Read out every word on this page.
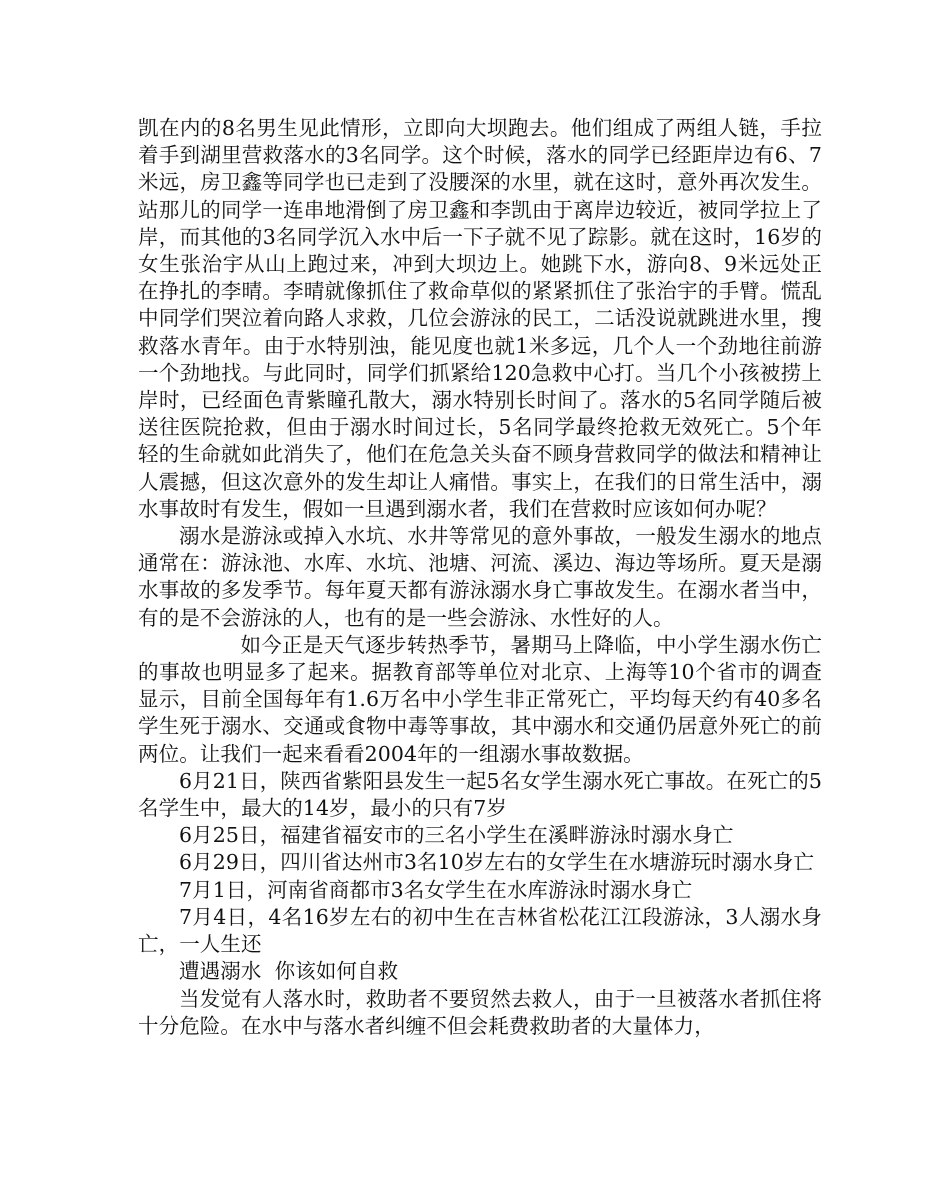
凯在内的8名男生见此情形，立即向大坝跑去。他们组成了两组人链，手拉着手到湖里营救落水的3名同学。这个时候，落水的同学已经距岸边有6、7米远，房卫鑫等同学也已走到了没腰深的水里，就在这时，意外再次发生。站那儿的同学一连串地滑倒了房卫鑫和李凯由于离岸边较近，被同学拉上了岸，而其他的3名同学沉入水中后一下子就不见了踪影。就在这时，16岁的女生张治宇从山上跑过来，冲到大坝边上。她跳下水，游向8、9米远处正在挣扎的李晴。李晴就像抓住了救命草似的紧紧抓住了张治宇的手臂。慌乱中同学们哭泣着向路人求救，几位会游泳的民工，二话没说就跳进水里，搜救落水青年。由于水特别浊，能见度也就1米多远，几个人一个劲地往前游一个劲地找。与此同时，同学们抓紧给120急救中心打。当几个小孩被捞上岸时，已经面色青紫瞳孔散大，溺水特别长时间了。落水的5名同学随后被送往医院抢救，但由于溺水时间过长，5名同学最终抢救无效死亡。5个年轻的生命就如此消失了，他们在危急关头奋不顾身营救同学的做法和精神让人震撼，但这次意外的发生却让人痛惜。事实上，在我们的日常生活中，溺水事故时有发生，假如一旦遇到溺水者，我们在营救时应该如何办呢？

溺水是游泳或掉入水坑、水井等常见的意外事故，一般发生溺水的地点通常在：游泳池、水库、水坑、池塘、河流、溪边、海边等场所。夏天是溺水事故的多发季节。每年夏天都有游泳溺水身亡事故发生。在溺水者当中，有的是不会游泳的人，也有的是一些会游泳、水性好的人。

如今正是天气逐步转热季节，暑期马上降临，中小学生溺水伤亡的事故也明显多了起来。据教育部等单位对北京、上海等10个省市的调查显示，目前全国每年有1.6万名中小学生非正常死亡，平均每天约有40多名学生死于溺水、交通或食物中毒等事故，其中溺水和交通仍居意外死亡的前两位。让我们一起来看看2004年的一组溺水事故数据。

6月21日，陕西省紫阳县发生一起5名女学生溺水死亡事故。在死亡的5名学生中，最大的14岁，最小的只有7岁

6月25日，福建省福安市的三名小学生在溪畔游泳时溺水身亡

6月29日，四川省达州市3名10岁左右的女学生在水塘游玩时溺水身亡

7月1日，河南省商都市3名女学生在水库游泳时溺水身亡

7月4日，4名16岁左右的初中生在吉林省松花江江段游泳，3人溺水身亡，一人生还

遭遇溺水  你该如何自救

当发觉有人落水时，救助者不要贸然去救人，由于一旦被落水者抓住将十分危险。在水中与落水者纠缠不但会耗费救助者的大量体力，
